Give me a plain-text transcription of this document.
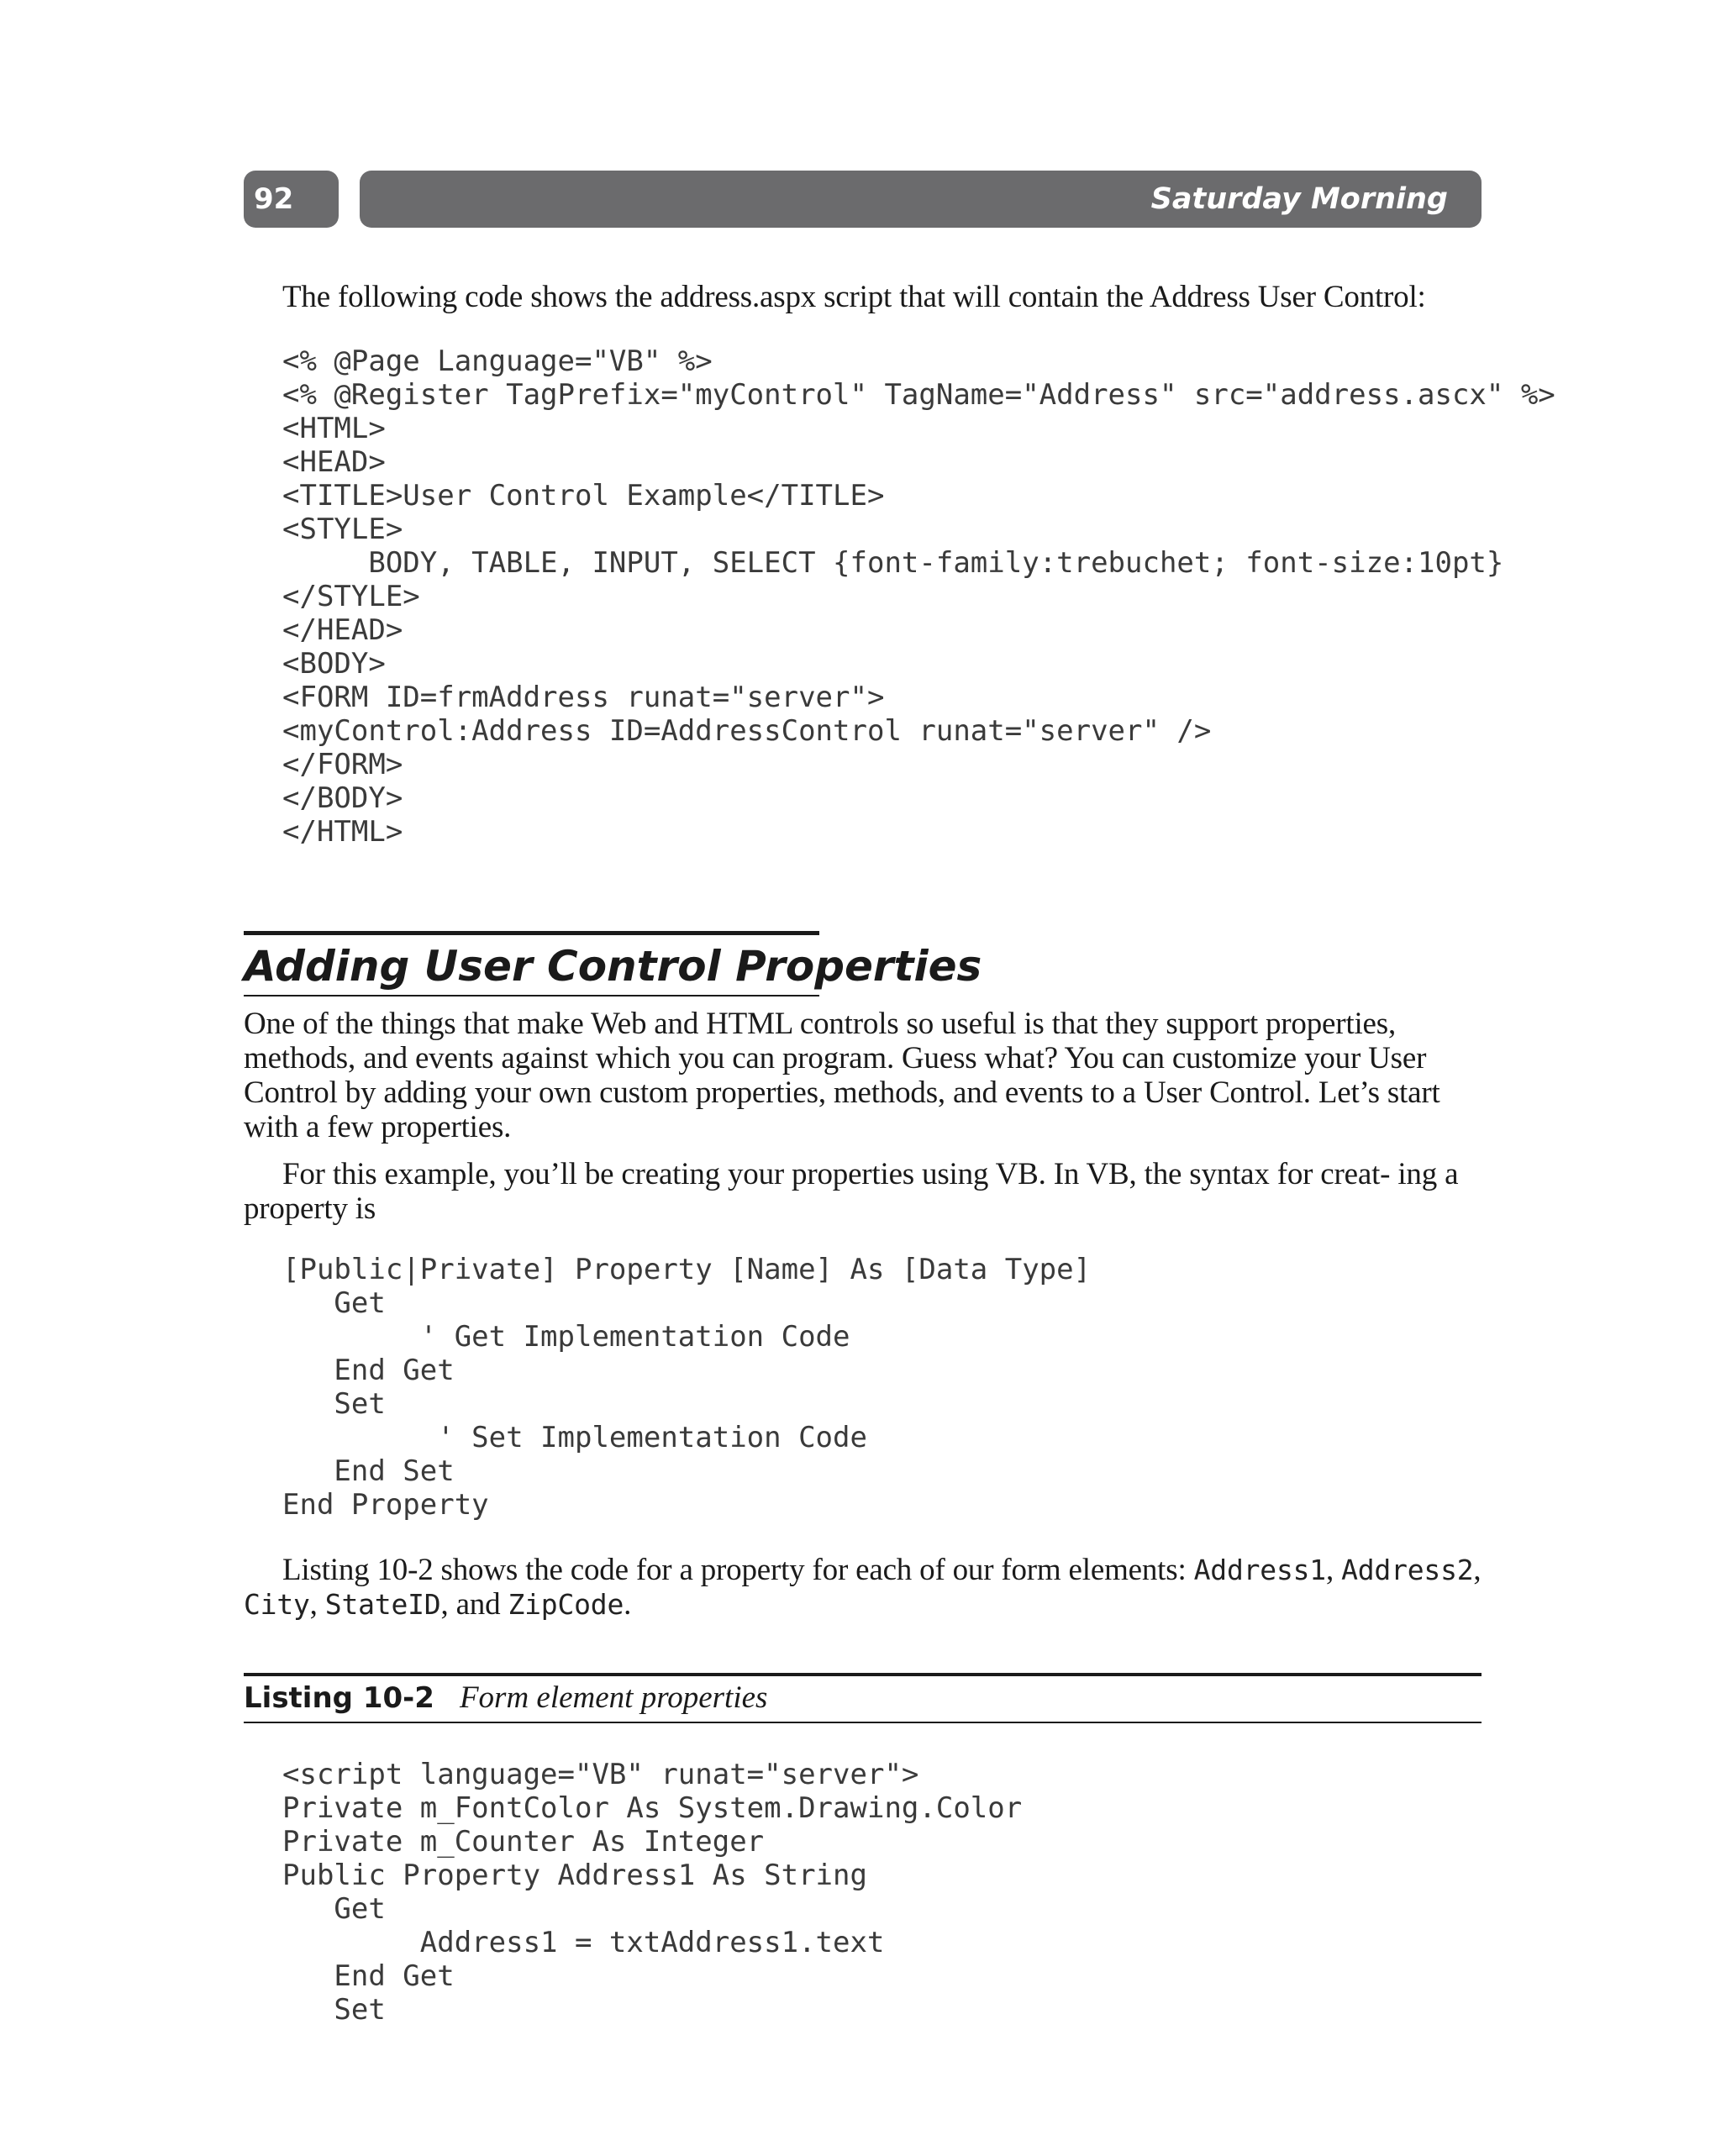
92	Saturday Morning

The following code shows the address.aspx script that will contain the Address User Control:

<% @Page Language="VB" %>
<% @Register TagPrefix="myControl" TagName="Address" src="address.ascx" %>
<HTML>
<HEAD>
<TITLE>User Control Example</TITLE>
<STYLE>
BODY, TABLE, INPUT, SELECT {font-family:trebuchet; font-size:10pt}
</STYLE>
</HEAD>
<BODY>
<FORM ID=frmAddress runat="server">
<myControl:Address ID=AddressControl runat="server" />
</FORM>
</BODY>
</HTML>
Adding User Control Properties

One of the things that make Web and HTML controls so useful is that they support properties, methods, and events against which you can program. Guess what? You can customize your User Control by adding your own custom properties, methods, and events to a User Control. Let’s start with a few properties.

For this example, you’ll be creating your properties using VB. In VB, the syntax for creat- ing a property is

[Public|Private] Property [Name] As [Data Type]
Get
' Get Implementation Code
End Get
Set
' Set Implementation Code
End Set
End Property

Listing 10-2 shows the code for a property for each of our form elements: Address1, Address2, City, StateID, and ZipCode.

Listing 10-2 Form element properties

<script language="VB" runat="server">
Private m_FontColor As System.Drawing.Color
Private m_Counter As Integer
Public Property Address1 As String
Get
Address1 = txtAddress1.text
End Get
Set
